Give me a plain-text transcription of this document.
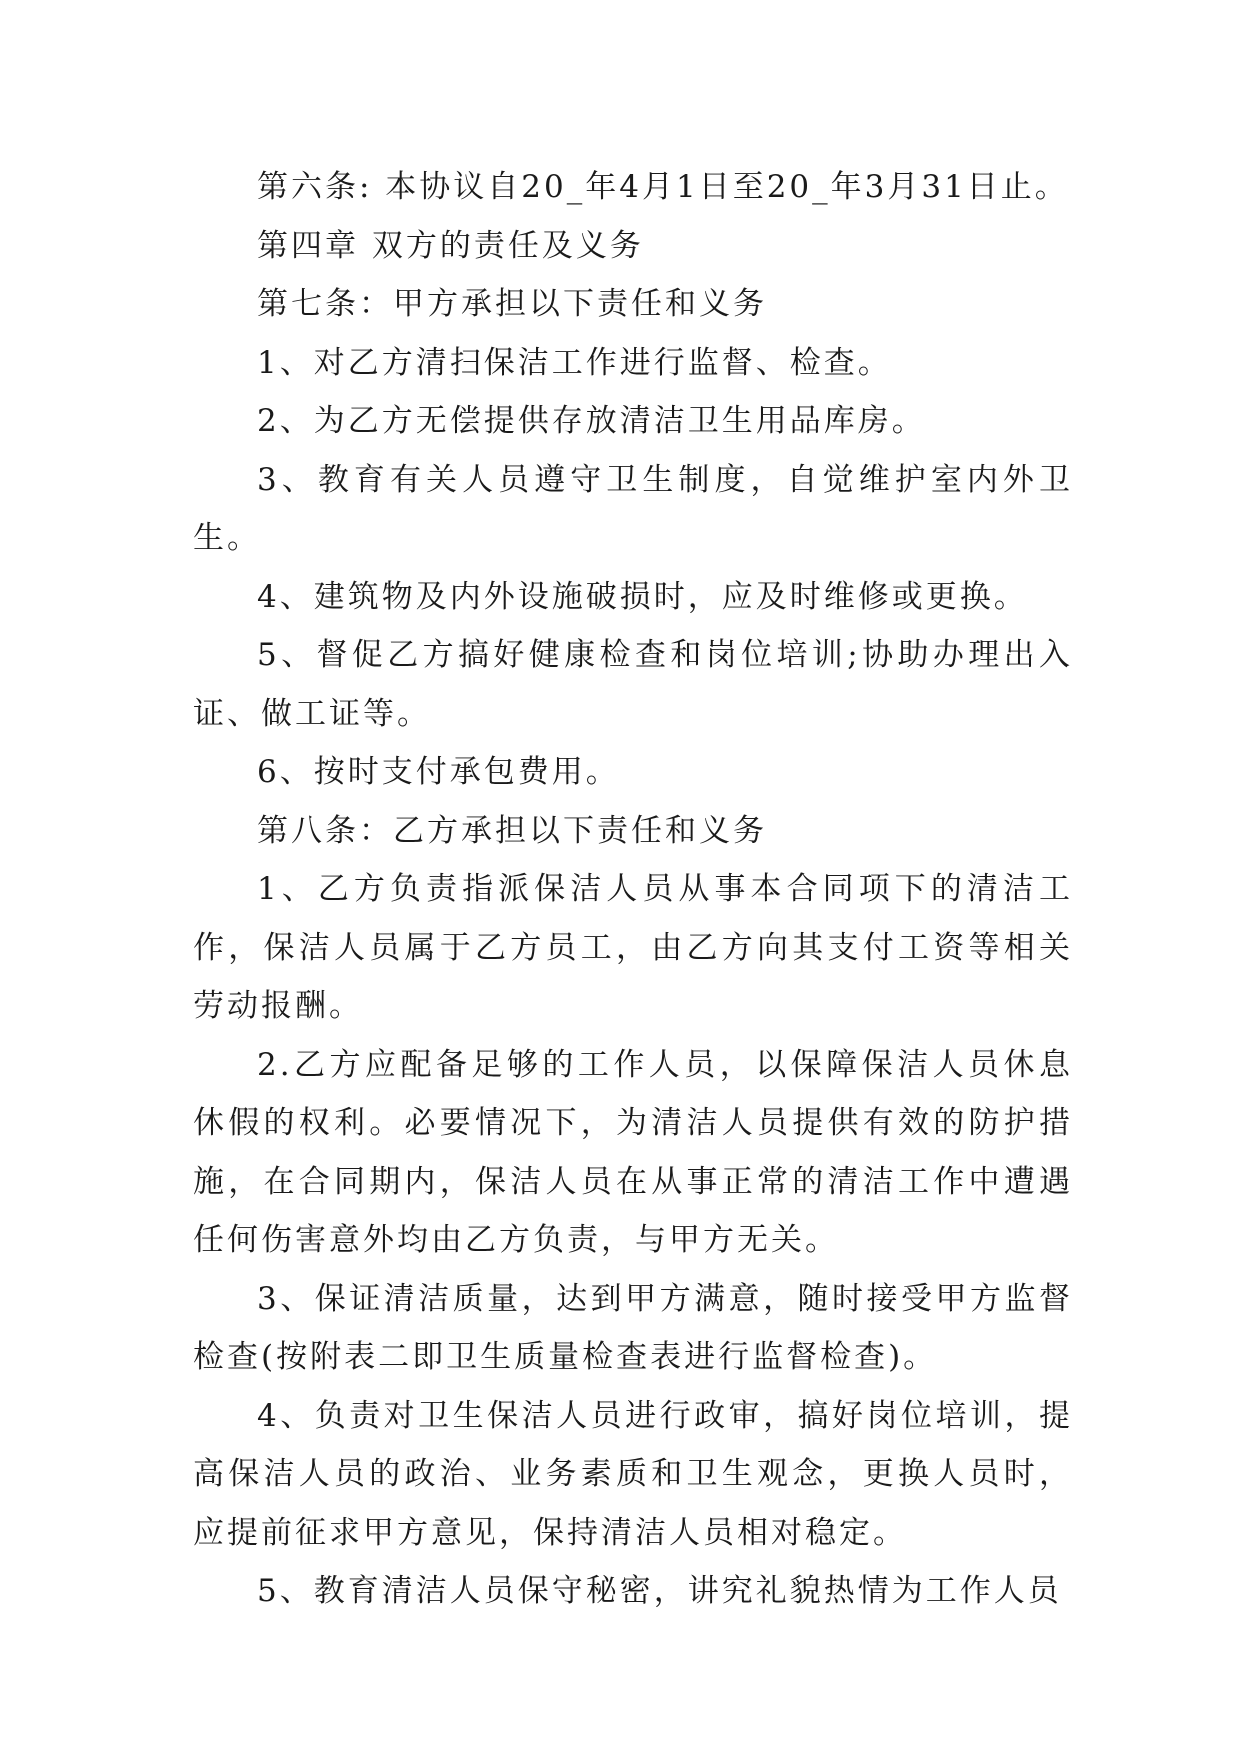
第六条: 本协议自20_年4月1日至20_年3月31日止。

第四章 双方的责任及义务

第七条：甲方承担以下责任和义务

1、对乙方清扫保洁工作进行监督、检查。

2、为乙方无偿提供存放清洁卫生用品库房。

3、教育有关人员遵守卫生制度，自觉维护室内外卫生。

4、建筑物及内外设施破损时，应及时维修或更换。

5、督促乙方搞好健康检查和岗位培训;协助办理出入证、做工证等。

6、按时支付承包费用。

第八条：乙方承担以下责任和义务

1、乙方负责指派保洁人员从事本合同项下的清洁工作，保洁人员属于乙方员工，由乙方向其支付工资等相关劳动报酬。

2.乙方应配备足够的工作人员，以保障保洁人员休息休假的权利。必要情况下，为清洁人员提供有效的防护措施，在合同期内，保洁人员在从事正常的清洁工作中遭遇任何伤害意外均由乙方负责，与甲方无关。

3、保证清洁质量，达到甲方满意，随时接受甲方监督检查(按附表二即卫生质量检查表进行监督检查)。

4、负责对卫生保洁人员进行政审，搞好岗位培训，提高保洁人员的政治、业务素质和卫生观念，更换人员时，应提前征求甲方意见，保持清洁人员相对稳定。

5、教育清洁人员保守秘密，讲究礼貌热情为工作人员
